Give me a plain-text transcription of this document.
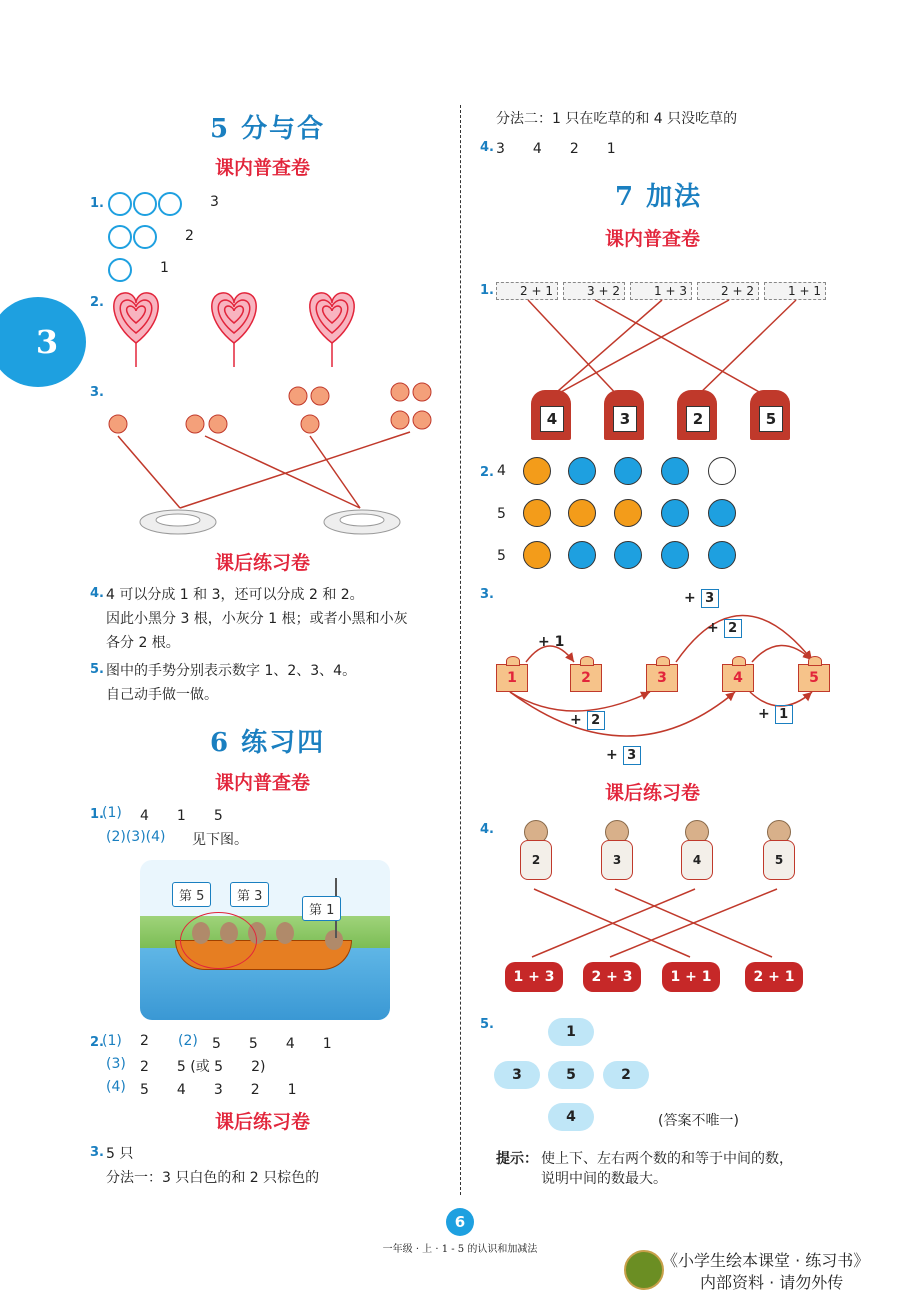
3
5 分与合
课内普查卷
1.	3
2
1
2.
3.
课后练习卷
4. 4 可以分成 1 和 3，还可以分成 2 和 2。
因此小黑分 3 根，小灰分 1 根；或者小黑和小灰
各分 2 根。
5. 图中的手势分别表示数字 1、2、3、4。
自己动手做一做。
6 练习四
课内普查卷
1.
(1) 4　　1　　5
(2)(3)(4) 见下图。
第 5	第 3
第 1
2.
(1) 2 (2) 5　　5　　4　　1
(3) 2　　5 (或 5　　2)
(4) 5　　4　　3　　2　　1
课后练习卷
3. 5 只
分法一：3 只白色的和 2 只棕色的
分法二：1 只在吃草的和 4 只没吃草的
4. 3　　4　　2　　1
7 加法
课内普查卷
1.	2 + 1	3 + 2	1 + 3	2 + 2	1 + 1
4	3	2	5
2. 4
5
5
3.
1	2	3	4	5
+ 1
+ 3
+ 2
+ 2	+ 1
+ 3
课后练习卷
4.
2	3	4	5
1 + 3	2 + 3	1 + 1	2 + 1
5.	1
3	5	2
4	(答案不唯一)
提示： 使上下、左右两个数的和等于中间的数，
说明中间的数最大。
6
一年级 · 上 · 1 - 5 的认识和加减法
《小学生绘本课堂 · 练习书》
内部资料 · 请勿外传
